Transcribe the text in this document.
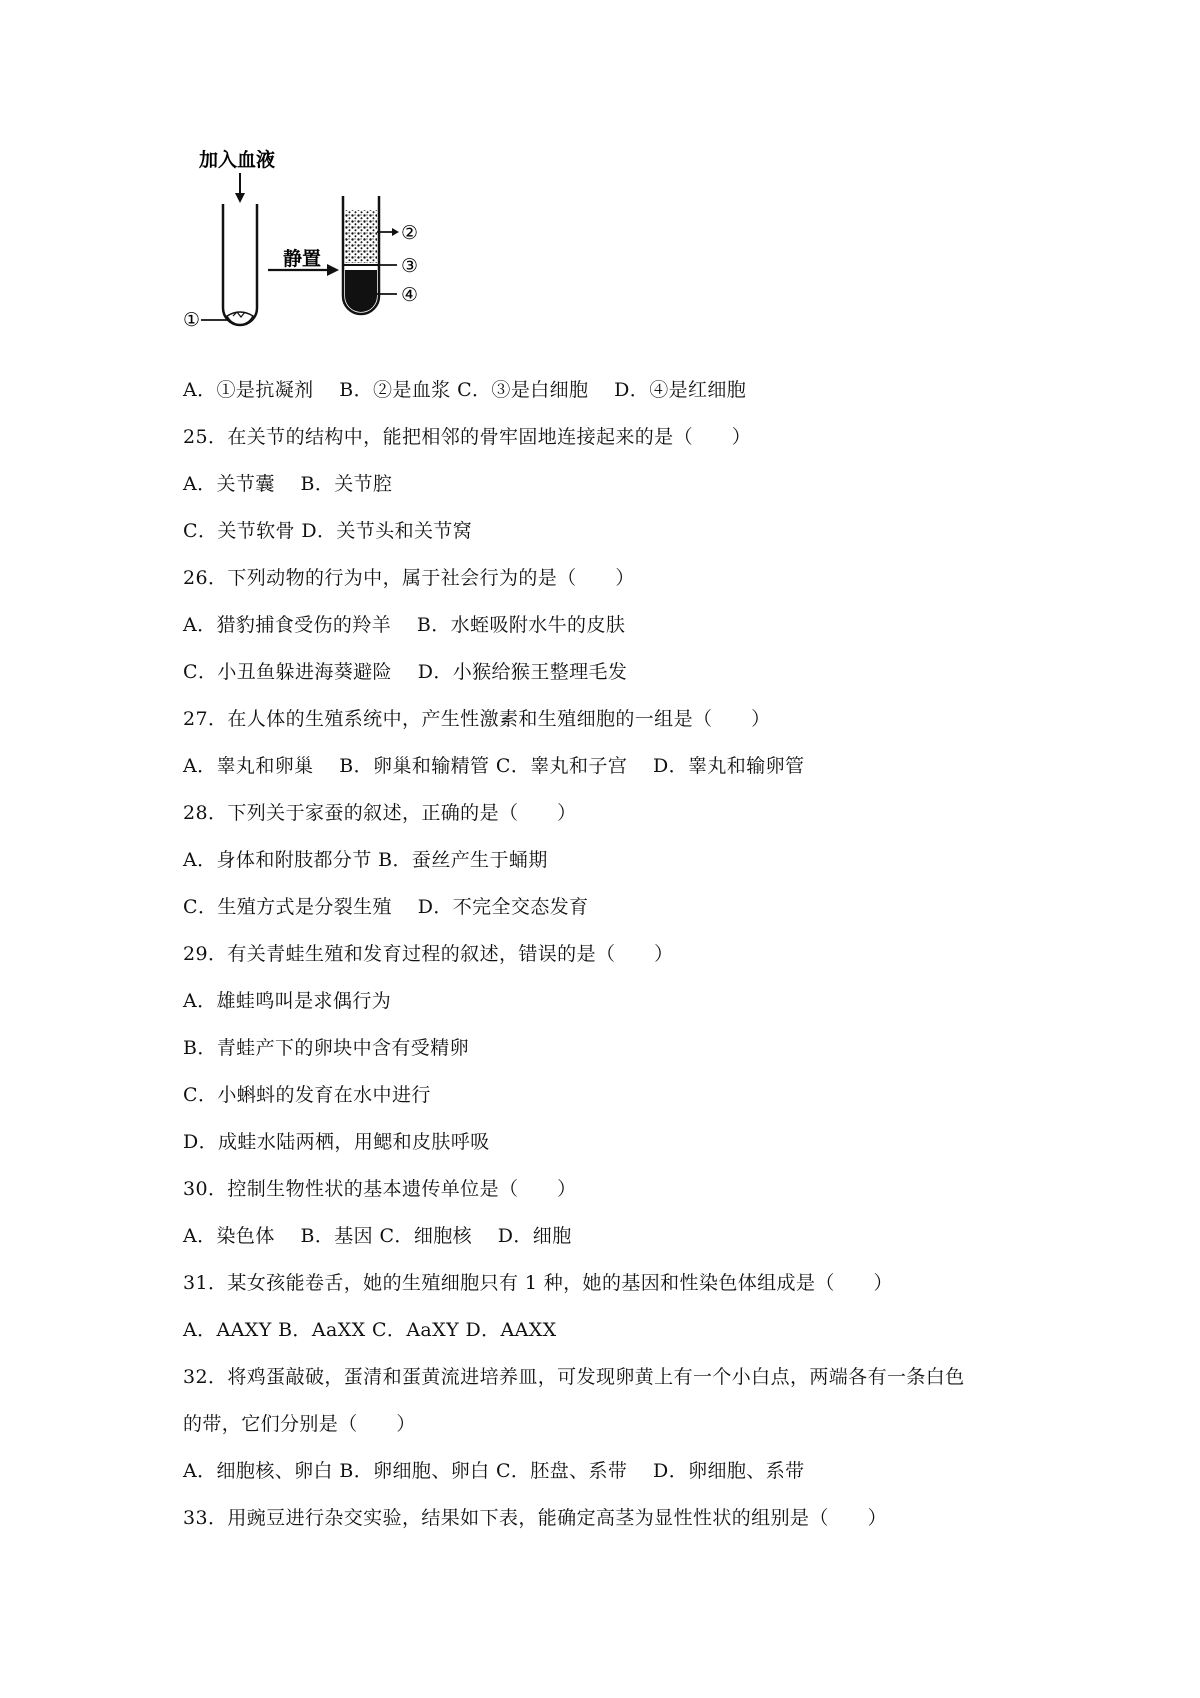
加入血液
①
静置
②
③
④
A．①是抗凝剂    B．②是血浆 C．③是白细胞    D．④是红细胞
25．在关节的结构中，能把相邻的骨牢固地连接起来的是（　　）
A．关节囊    B．关节腔
C．关节软骨 D．关节头和关节窝
26．下列动物的行为中，属于社会行为的是（　　）
A．猎豹捕食受伤的羚羊    B．水蛭吸附水牛的皮肤
C．小丑鱼躲进海葵避险    D．小猴给猴王整理毛发
27．在人体的生殖系统中，产生性激素和生殖细胞的一组是（　　）
A．睾丸和卵巢    B．卵巢和输精管 C．睾丸和子宫    D．睾丸和输卵管
28．下列关于家蚕的叙述，正确的是（　　）
A．身体和附肢都分节 B．蚕丝产生于蛹期
C．生殖方式是分裂生殖    D．不完全交态发育
29．有关青蛙生殖和发育过程的叙述，错误的是（　　）
A．雄蛙鸣叫是求偶行为
B．青蛙产下的卵块中含有受精卵
C．小蝌蚪的发育在水中进行
D．成蛙水陆两栖，用鳃和皮肤呼吸
30．控制生物性状的基本遗传单位是（　　）
A．染色体    B．基因 C．细胞核    D．细胞
31．某女孩能卷舌，她的生殖细胞只有 1 种，她的基因和性染色体组成是（　　）
A．AAXY B．AaXX C．AaXY D．AAXX
32．将鸡蛋敲破，蛋清和蛋黄流进培养皿，可发现卵黄上有一个小白点，两端各有一条白色
的带，它们分别是（　　）
A．细胞核、卵白 B．卵细胞、卵白 C．胚盘、系带    D．卵细胞、系带
33．用豌豆进行杂交实验，结果如下表，能确定高茎为显性性状的组别是（　　）
